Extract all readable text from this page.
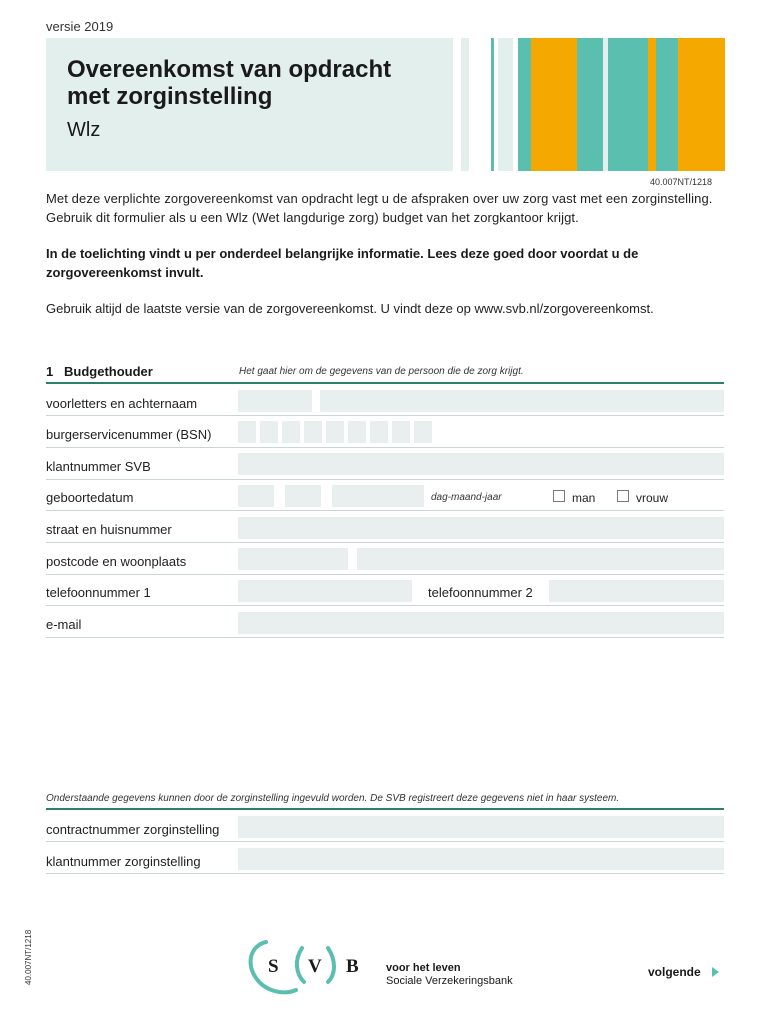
versie 2019
Overeenkomst van opdracht
met zorginstelling
Wlz
40.007NT/1218
Met deze verplichte zorgovereenkomst van opdracht legt u de afspraken over uw zorg vast met een zorginstelling. Gebruik dit formulier als u een Wlz (Wet langdurige zorg) budget van het zorgkantoor krijgt.
In de toelichting vindt u per onderdeel belangrijke informatie. Lees deze goed door voordat u de zorgovereenkomst invult.
Gebruik altijd de laatste versie van de zorgovereenkomst. U vindt deze op www.svb.nl/zorgovereenkomst.
1 Budgethouder	Het gaat hier om de gegevens van de persoon die de zorg krijgt.
voorletters en achternaam
burgerservicenummer (BSN)
klantnummer SVB
geboortedatum	dag-maand-jaar	man	vrouw
straat en huisnummer
postcode en woonplaats
telefoonnummer 1	telefoonnummer 2
e-mail
Onderstaande gegevens kunnen door de zorginstelling ingevuld worden. De SVB registreert deze gegevens niet in haar systeem.
contractnummer zorginstelling
klantnummer zorginstelling
40.007NT/1218	S V B voor het leven
Sociale Verzekeringsbank
volgende
